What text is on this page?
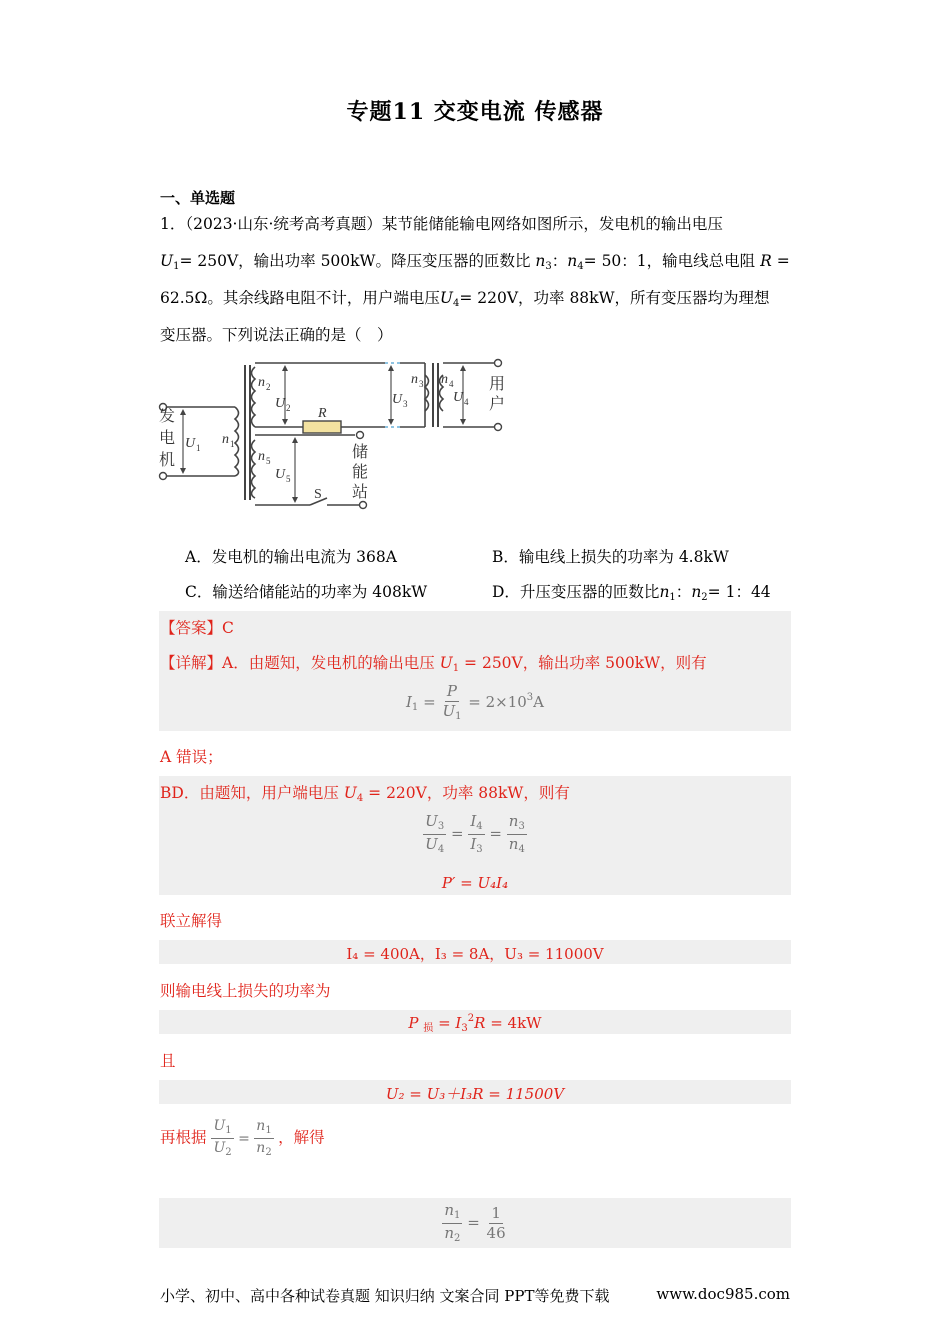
专题11 交变电流 传感器
一、单选题
1．（2023·山东·统考高考真题）某节能储能输电网络如图所示，发电机的输出电压
$U_1= 250V$，输出功率 500kW。降压变压器的匝数比 $n_3$：$n_4= 50$：1，输电线总电阻 R =
62.5Ω。其余线路电阻不计，用户端电压$U_4= 220V$，功率 88kW，所有变压器均为理想
变压器。下列说法正确的是（　）
发
电
机
U 1
n 1
n 2
U 2 R
U 3
n 3 n 4
U 4
用
户
n 5
U 5
S
储
能
站
A．发电机的输出电流为 368A	B．输电线上损失的功率为 4.8kW
C．输送给储能站的功率为 408kW	D．升压变压器的匝数比$n_1$：$n_2= 1$：44
【答案】C
【详解】A．由题知，发电机的输出电压 $U_1 = 250V$，输出功率 500kW，则有
$I_1 = \frac{P}{U_1} = 2\times 10^3A$
A 错误；
BD．由题知，用户端电压 $U_4 = 220V$，功率 88kW，则有
$\frac{U_3}{U_4} = \frac{I_4}{I_3} = \frac{n_3}{n_4}$
P′ = U₄I₄
联立解得
I₄ = 400A，I₃ = 8A，U₃ = 11000V
则输电线上损失的功率为
P $_损 = I_3^2R = 4kW$
且
U₂ = U₃＋I₃R = 11500V
再根据 $\frac{U_1}{U_2} = \frac{n_1}{n_2}$ ，解得
$\frac{n_1}{n_2} = \frac{1}{46}$
小学、初中、高中各种试卷真题 知识归纳 文案合同 PPT等免费下载	www.doc985.com
